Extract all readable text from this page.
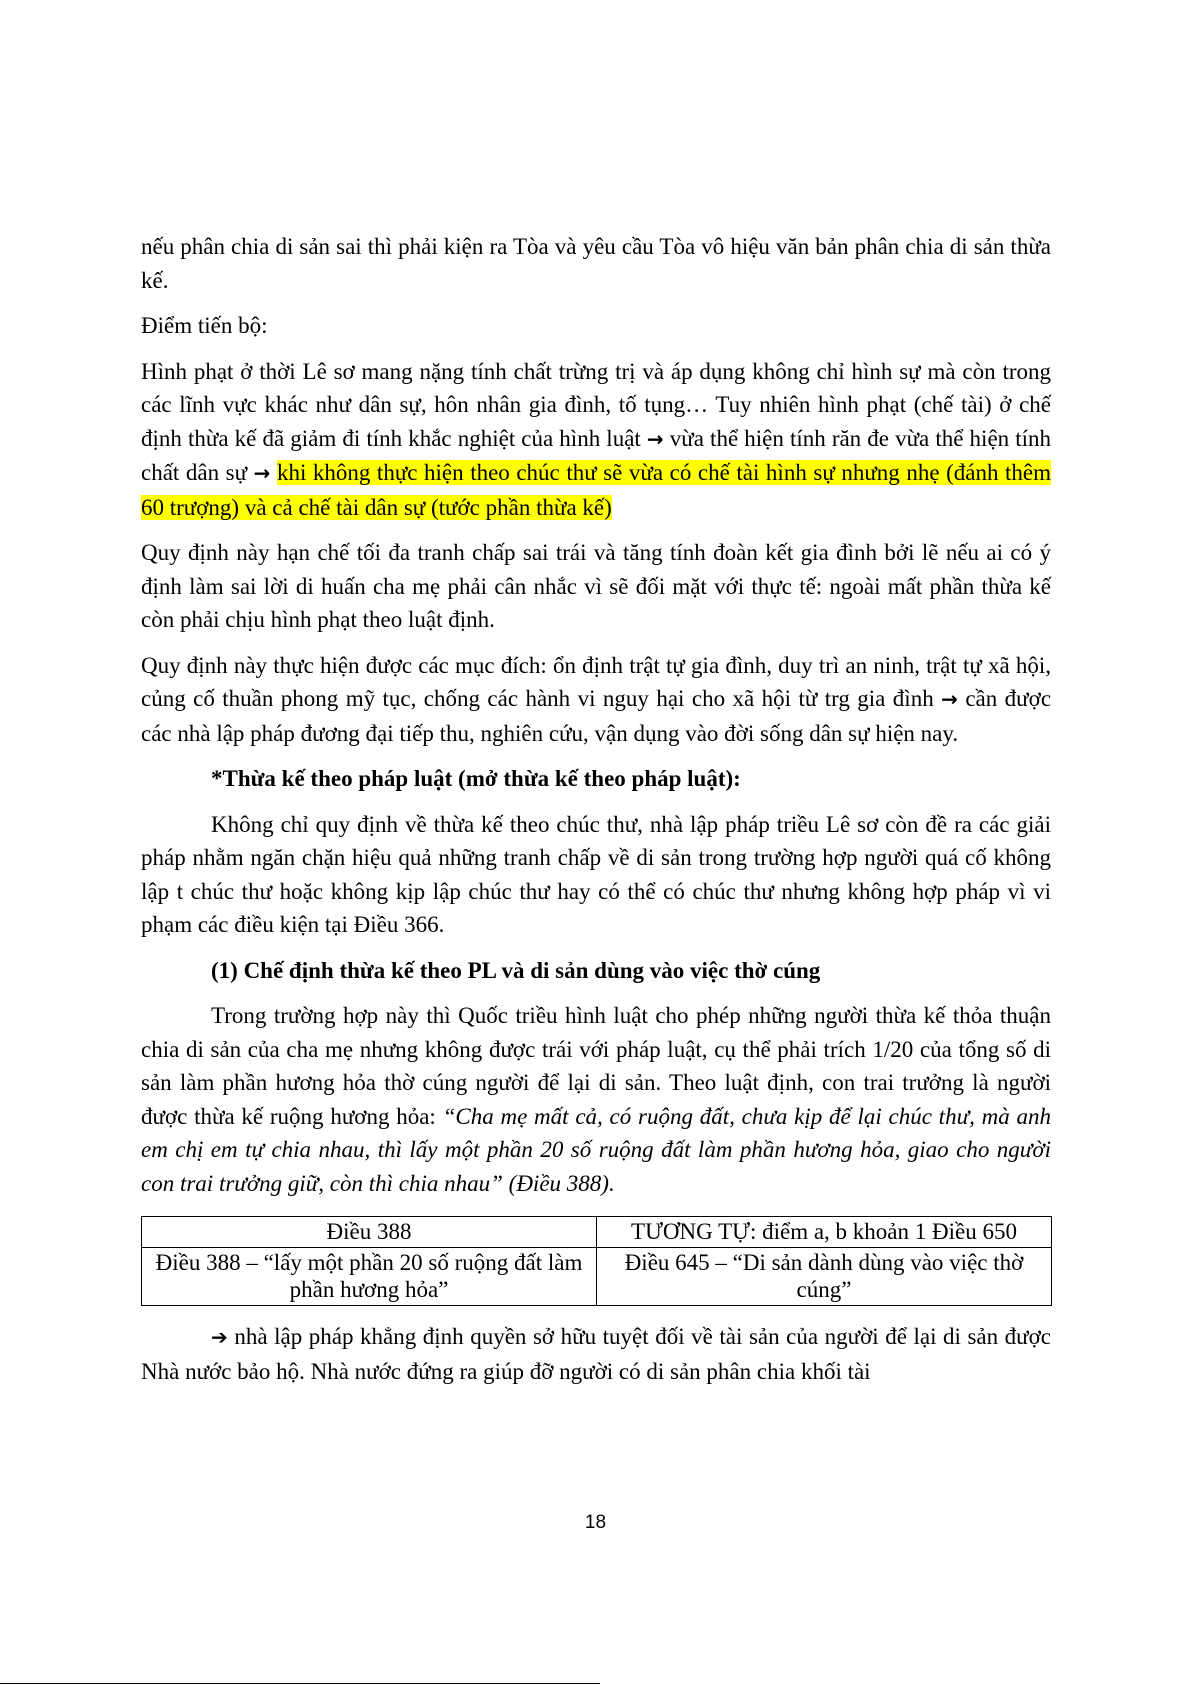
nếu phân chia di sản sai thì phải kiện ra Tòa và yêu cầu Tòa vô hiệu văn bản phân chia di sản thừa kế.

Điểm tiến bộ:

Hình phạt ở thời Lê sơ mang nặng tính chất trừng trị và áp dụng không chỉ hình sự mà còn trong các lĩnh vực khác như dân sự, hôn nhân gia đình, tố tụng… Tuy nhiên hình phạt (chế tài) ở chế định thừa kế đã giảm đi tính khắc nghiệt của hình luật → vừa thể hiện tính răn đe vừa thể hiện tính chất dân sự → khi không thực hiện theo chúc thư sẽ vừa có chế tài hình sự nhưng nhẹ (đánh thêm 60 trượng) và cả chế tài dân sự (tước phần thừa kế)

Quy định này hạn chế tối đa tranh chấp sai trái và tăng tính đoàn kết gia đình bởi lẽ nếu ai có ý định làm sai lời di huấn cha mẹ phải cân nhắc vì sẽ đối mặt với thực tế: ngoài mất phần thừa kế còn phải chịu hình phạt theo luật định.

Quy định này thực hiện được các mục đích: ổn định trật tự gia đình, duy trì an ninh, trật tự xã hội, củng cố thuần phong mỹ tục, chống các hành vi nguy hại cho xã hội từ trg gia đình → cần được các nhà lập pháp đương đại tiếp thu, nghiên cứu, vận dụng vào đời sống dân sự hiện nay.

*Thừa kế theo pháp luật (mở thừa kế theo pháp luật):

Không chỉ quy định về thừa kế theo chúc thư, nhà lập pháp triều Lê sơ còn đề ra các giải pháp nhằm ngăn chặn hiệu quả những tranh chấp về di sản trong trường hợp người quá cố không lập t chúc thư hoặc không kịp lập chúc thư hay có thể có chúc thư nhưng không hợp pháp vì vi phạm các điều kiện tại Điều 366.

(1) Chế định thừa kế theo PL và di sản dùng vào việc thờ cúng

Trong trường hợp này thì Quốc triều hình luật cho phép những người thừa kế thỏa thuận chia di sản của cha mẹ nhưng không được trái với pháp luật, cụ thể phải trích 1/20 của tổng số di sản làm phần hương hỏa thờ cúng người để lại di sản. Theo luật định, con trai trưởng là người được thừa kế ruộng hương hỏa: “Cha mẹ mất cả, có ruộng đất, chưa kịp để lại chúc thư, mà anh em chị em tự chia nhau, thì lấy một phần 20 số ruộng đất làm phần hương hỏa, giao cho người con trai trưởng giữ, còn thì chia nhau” (Điều 388).

Điều 388	TƯƠNG TỰ: điểm a, b khoản 1 Điều 650
Điều 388 – “lấy một phần 20 số ruộng đất làm phần hương hỏa”	Điều 645 – “Di sản dành dùng vào việc thờ cúng”

➔ nhà lập pháp khẳng định quyền sở hữu tuyệt đối về tài sản của người để lại di sản được Nhà nước bảo hộ. Nhà nước đứng ra giúp đỡ người có di sản phân chia khối tài

18
